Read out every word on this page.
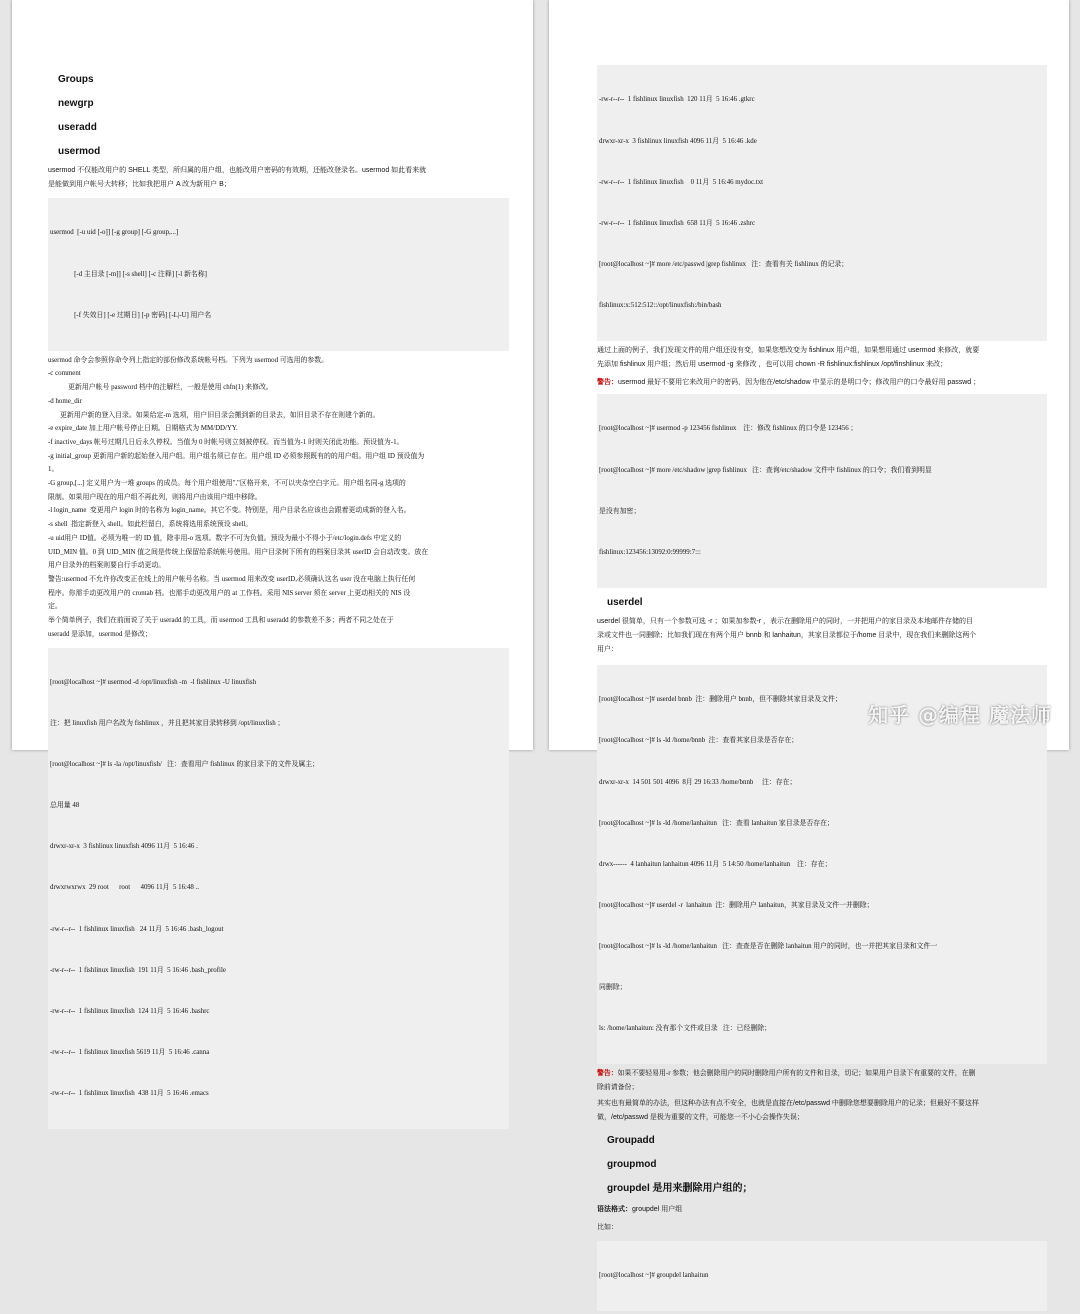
Groups
newgrp
useradd
usermod
usermod 不仅能改用户的 SHELL 类型，所归属的用户组，也能改用户密码的有效期，还能改登录名。usermod 如此看来就
是能做到用户帐号大转移；比如我把用户 A 改为新用户 B；

usermod  [-u uid [-o]] [-g group] [-G group,...]

[-d 主目录 [-m]] [-s shell] [-c 注释] [-l 新名称]

[-f 失效日] [-e 过期日] [-p 密码] [-L|-U] 用户名

usermod 命令会参照你命令列上指定的部份修改系统帐号档。下列为 usermod 可选用的参数。
-c comment
更新用户帐号 password 档中的注解栏，一般是使用 chfn(1) 来修改。
-d home_dir
更新用户新的登入目录。如果给定-m 选项，用户旧目录会搬到新的目录去，如旧目录不存在则建个新的。
-e expire_date 加上用户帐号停止日期。日期格式为 MM/DD/YY.
-f inactive_days 帐号过期几日后永久停权。当值为 0 时帐号则立刻被停权。而当值为-1 时则关闭此功能。预设值为-1。
-g initial_group 更新用户新的起始登入用户组。用户组名须已存在。用户组 ID 必须参照既有的的用户组。用户组 ID 预设值为
1。
-G group,[...] 定义用户为一堆 groups 的成员。每个用户组使用","区格开来，不可以夹杂空白字元。用户组名同-g 选项的
限制。如果用户现在的用户组不再此列，则将用户由该用户组中移除。
-l login_name  变更用户 login 时的名称为 login_name。其它不变。特别是，用户目录名应该也会跟着更动成新的登入名。
-s shell  指定新登入 shell。如此栏留白，系统将选用系统预设 shell。
-u uid用户 ID值。必须为唯一的 ID 值，除非用-o 选项。数字不可为负值。预设为最小不得小于/etc/login.defs 中定义的
UID_MIN 值。0 到 UID_MIN 值之间是传统上保留给系统帐号使用。用户目录树下所有的档案目录其 userID 会自动改变。放在
用户目录外的档案则要自行手动更动。
警告:usermod 不允许你改变正在线上的用户帐号名称。当 usermod 用来改变 userID,必须确认这名 user 没在电脑上执行任何
程序。你需手动更改用户的 crontab 档。也需手动更改用户的 at 工作档。采用 NIS server 须在 server 上更动相关的 NIS 设
定。
举个简单例子，我们在前面说了关于 useradd 的工具，而 usermod 工具和 useradd 的参数差不多；两者不同之处在于
useradd 是添加，usermod 是修改；

[root@localhost ~]# usermod -d /opt/linuxfish -m  -l fishlinux -U linuxfish

注：把 linuxfish 用户名改为 fishlinux ，并且把其家目录转移到 /opt/linuxfish ；

[root@localhost ~]# ls -la /opt/linuxfish/   注：查看用户 fishlinux 的家目录下的文件及属主；

总用量 48

drwxr-xr-x  3 fishlinux linuxfish 4096 11月  5 16:46 .

drwxrwxrwx  29 root      root      4096 11月  5 16:48 ..

-rw-r--r--  1 fishlinux linuxfish   24 11月  5 16:46 .bash_logout

-rw-r--r--  1 fishlinux linuxfish  191 11月  5 16:46 .bash_profile

-rw-r--r--  1 fishlinux linuxfish  124 11月  5 16:46 .bashrc

-rw-r--r--  1 fishlinux linuxfish 5619 11月  5 16:46 .canna

-rw-r--r--  1 fishlinux linuxfish  438 11月  5 16:46 .emacs

-rw-r--r--  1 fishlinux linuxfish  120 11月  5 16:46 .gtkrc

drwxr-xr-x  3 fishlinux linuxfish 4096 11月  5 16:46 .kde

-rw-r--r--  1 fishlinux linuxfish    0 11月  5 16:46 mydoc.txt

-rw-r--r--  1 fishlinux linuxfish  658 11月  5 16:46 .zshrc

[root@localhost ~]# more /etc/passwd |grep fishlinux   注：查看有关 fishlinux 的记录；

fishlinux:x:512:512::/opt/linuxfish:/bin/bash

通过上面的例子，我们发现文件的用户组还没有变，如果您想改变为 fishlinux 用户组，如果想用通过 usermod 来修改，就要
先添加 fishlinux 用户组；然后用 usermod -g 来修改 ，也可以用 chown -R fishlinux:fishlinux /opt/finshlinux 来改；
警告：usermod 最好不要用它来改用户的密码，因为他在/etc/shadow 中显示的是明口令；修改用户的口令最好用 passwd ；

[root@localhost ~]# usermod -p 123456 fishlinux    注：修改 fishlinux 的口令是 123456 ；

[root@localhost ~]# more /etc/shadow |grep fishlinux   注：查询/etc/shadow 文件中 fishlinux 的口令；我们看到明显

是没有加密；

fishlinux:123456:13092:0:99999:7:::

userdel
userdel 很简单，只有一个参数可选 -r ；如果加参数-r ，表示在删除用户的同时，一并把用户的家目录及本地邮件存储的目
录或文件也一同删除；比如我们现在有两个用户 bnnb 和 lanhaitun，其家目录都位于/home 目录中，现在我们来删除这两个
用户：

[root@localhost ~]# userdel bnnb  注：删除用户 bnnb，但不删除其家目录及文件；

[root@localhost ~]# ls -ld /home/bnnb  注：查看其家目录是否存在；

drwxr-xr-x  14 501 501 4096  8月 29 16:33 /home/bnnb     注：存在；

[root@localhost ~]# ls -ld /home/lanhaitun   注：查看 lanhaitun 家目录是否存在；

drwx------  4 lanhaitun lanhaitun 4096 11月  5 14:50 /home/lanhaitun    注：存在；

[root@localhost ~]# userdel -r  lanhaitun  注：删除用户 lanhaitun，其家目录及文件一并删除；

[root@localhost ~]# ls -ld /home/lanhaitun   注：查查是否在删除 lanhaitun 用户的同时，也一并把其家目录和文件一

同删除；

ls: /home/lanhaitun: 没有那个文件或目录   注：已经删除；

警告：如果不要轻易用-r 参数；他会删除用户的同时删除用户所有的文件和目录，切记；如果用户目录下有重要的文件，在删
除前请备份；
其实也有最简单的办法，但这种办法有点不安全，也就是直接在/etc/passwd 中删除您想要删除用户的记录；但最好不要这样
做，/etc/passwd 是极为重要的文件，可能您一不小心会操作失误；
Groupadd
groupmod
groupdel 是用来删除用户组的；
语法格式：groupdel 用户组
比如：

[root@localhost ~]# groupdel lanhaitun

知乎 @编程 魔法师
